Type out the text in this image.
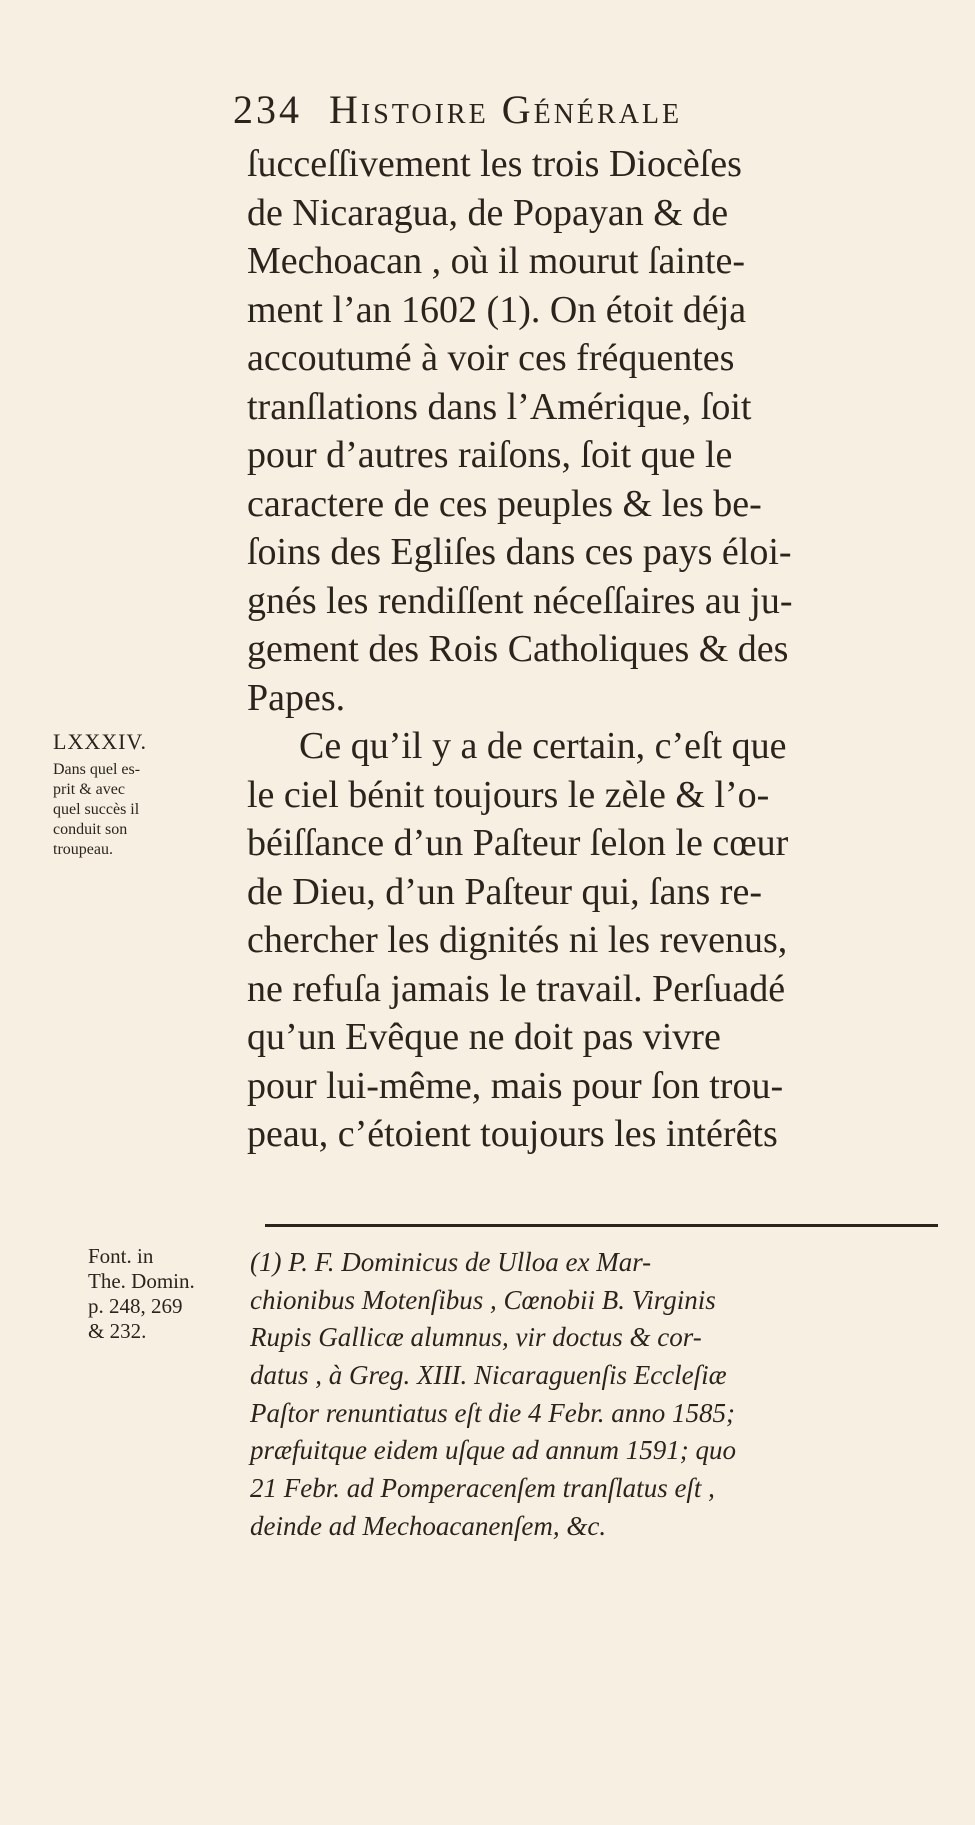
234 Histoire Générale
ſucceſſivement les trois Diocèſes
de Nicaragua, de Popayan & de
Mechoacan , où il mourut ſainte-
ment l’an 1602 (1). On étoit déja
accoutumé à voir ces fréquentes
tranſlations dans l’Amérique, ſoit
pour d’autres raiſons, ſoit que le
caractere de ces peuples & les be-
ſoins des Egliſes dans ces pays éloi-
gnés les rendiſſent néceſſaires au ju-
gement des Rois Catholiques & des
Papes.
Ce qu’il y a de certain, c’eſt que
le ciel bénit toujours le zèle & l’o-
béiſſance d’un Paſteur ſelon le cœur
de Dieu, d’un Paſteur qui, ſans re-
chercher les dignités ni les revenus,
ne refuſa jamais le travail. Perſuadé
qu’un Evêque ne doit pas vivre
pour lui-même, mais pour ſon trou-
peau, c’étoient toujours les intérêts
LXXXIV.
Dans quel es-
prit & avec
quel succès il
conduit son
troupeau.
Font. in
The. Domin.
p. 248, 269
& 232.
(1) P. F. Dominicus de Ulloa ex Mar-
chionibus Motenſibus , Cœnobii B. Virginis
Rupis Gallicæ alumnus, vir doctus & cor-
datus , à Greg. XIII. Nicaraguenſis Eccleſiæ
Paſtor renuntiatus eſt die 4 Febr. anno 1585;
præfuitque eidem uſque ad annum 1591; quo
21 Febr. ad Pomperacenſem tranſlatus eſt ,
deinde ad Mechoacanenſem, &c.
